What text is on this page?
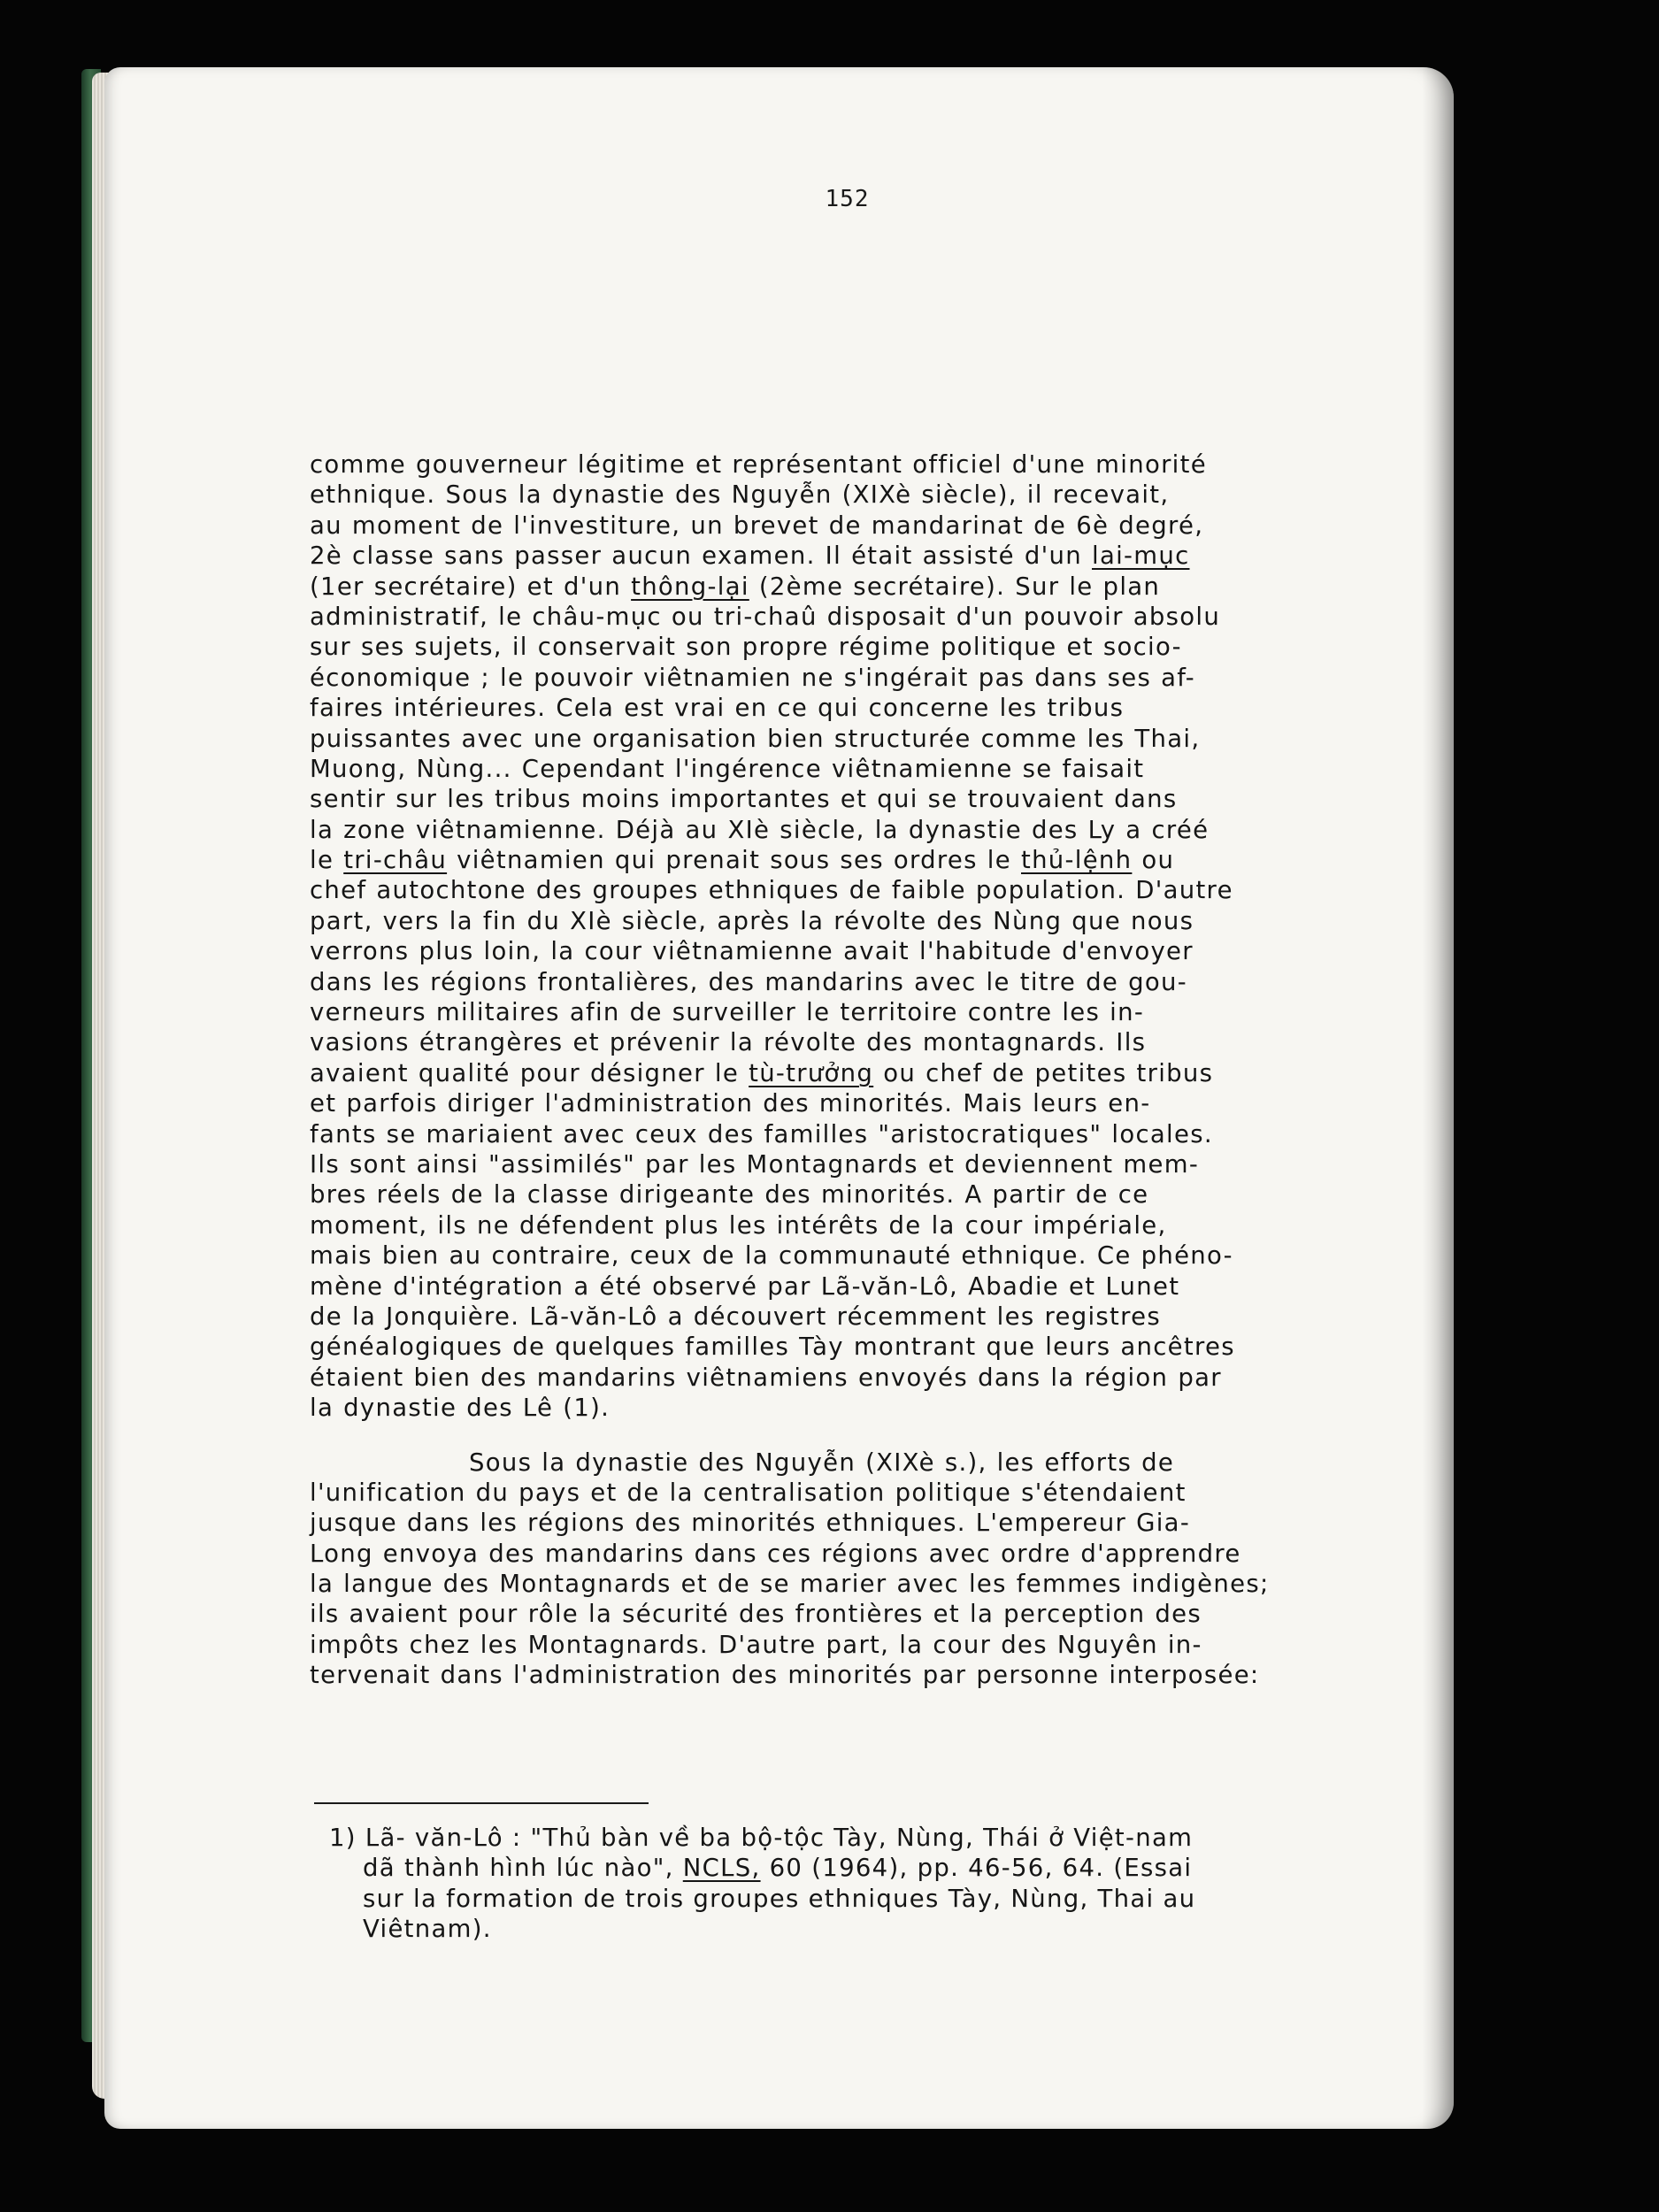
152
comme gouverneur légitime et représentant officiel d'une minorité
ethnique. Sous la dynastie des Nguyễn (XIXè siècle), il recevait,
au moment de l'investiture, un brevet de mandarinat de 6è degré,
2è classe sans passer aucun examen. Il était assisté d'un lai-mục
(1er secrétaire) et d'un thông-lại (2ème secrétaire). Sur le plan
administratif, le châu-mục ou tri-chaû disposait d'un pouvoir absolu
sur ses sujets, il conservait son propre régime politique et socio-
économique ; le pouvoir viêtnamien ne s'ingérait pas dans ses af-
faires intérieures. Cela est vrai en ce qui concerne les tribus
puissantes avec une organisation bien structurée comme les Thai,
Muong, Nùng... Cependant l'ingérence viêtnamienne se faisait
sentir sur les tribus moins importantes et qui se trouvaient dans
la zone viêtnamienne. Déjà au XIè siècle, la dynastie des Ly a créé
le tri-châu viêtnamien qui prenait sous ses ordres le thủ-lệnh ou
chef autochtone des groupes ethniques de faible population. D'autre
part, vers la fin du XIè siècle, après la révolte des Nùng que nous
verrons plus loin, la cour viêtnamienne avait l'habitude d'envoyer
dans les régions frontalières, des mandarins avec le titre de gou-
verneurs militaires afin de surveiller le territoire contre les in-
vasions étrangères et prévenir la révolte des montagnards. Ils
avaient qualité pour désigner le tù-trưởng ou chef de petites tribus
et parfois diriger l'administration des minorités. Mais leurs en-
fants se mariaient avec ceux des familles "aristocratiques" locales.
Ils sont ainsi "assimilés" par les Montagnards et deviennent mem-
bres réels de la classe dirigeante des minorités. A partir de ce
moment, ils ne défendent plus les intérêts de la cour impériale,
mais bien au contraire, ceux de la communauté ethnique. Ce phéno-
mène d'intégration a été observé par Lã-văn-Lô, Abadie et Lunet
de la Jonquière. Lã-văn-Lô a découvert récemment les registres
généalogiques de quelques familles Tày montrant que leurs ancêtres
étaient bien des mandarins viêtnamiens envoyés dans la région par
la dynastie des Lê (1).
Sous la dynastie des Nguyễn (XIXè s.), les efforts de
l'unification du pays et de la centralisation politique s'étendaient
jusque dans les régions des minorités ethniques. L'empereur Gia-
Long envoya des mandarins dans ces régions avec ordre d'apprendre
la langue des Montagnards et de se marier avec les femmes indigènes;
ils avaient pour rôle la sécurité des frontières et la perception des
impôts chez les Montagnards. D'autre part, la cour des Nguyên in-
tervenait dans l'administration des minorités par personne interposée:
1) Lã- văn-Lô : "Thủ bàn về ba bộ-tộc Tày, Nùng, Thái ở Việt-nam
dã thành hình lúc nào", NCLS, 60 (1964), pp. 46-56, 64. (Essai
sur la formation de trois groupes ethniques Tày, Nùng, Thai au
Viêtnam).
